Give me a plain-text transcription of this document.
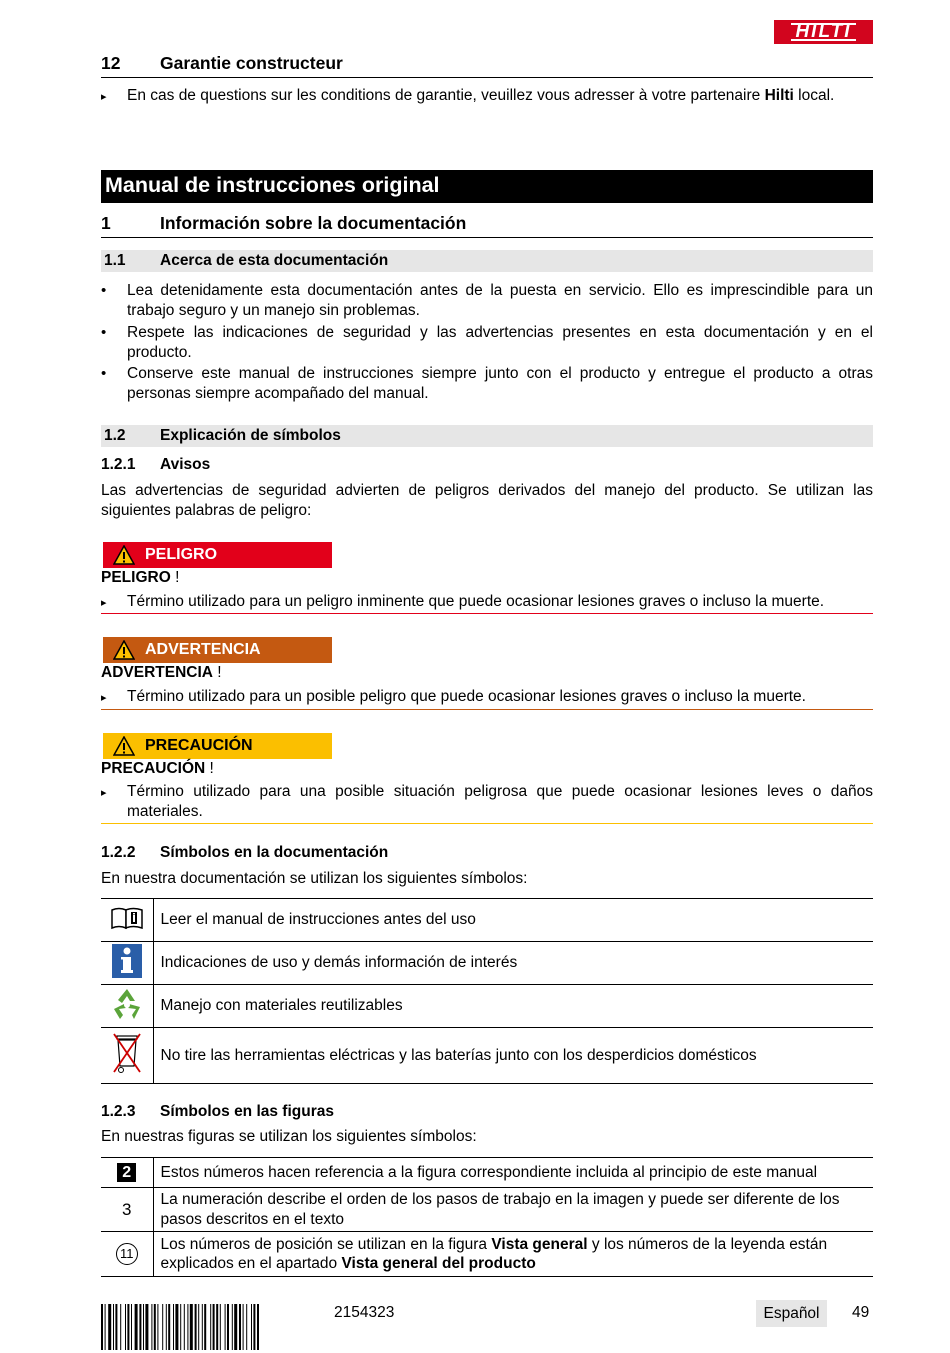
HILTI
12 Garantie constructeur
▸	En cas de questions sur les conditions de garantie, veuillez vous adresser à votre partenaire Hilti local.
Manual de instrucciones original
1	Información sobre la documentación
1.1 Acerca de esta documentación
•	Lea detenidamente esta documentación antes de la puesta en servicio. Ello es imprescindible para un trabajo seguro y un manejo sin problemas.
•	Respete las indicaciones de seguridad y las advertencias presentes en esta documentación y en el producto.
•	Conserve este manual de instrucciones siempre junto con el producto y entregue el producto a otras personas siempre acompañado del manual.
1.2 Explicación de símbolos
1.2.1 Avisos
Las advertencias de seguridad advierten de peligros derivados del manejo del producto. Se utilizan las siguientes palabras de peligro:
PELIGRO
PELIGRO !
▸	Término utilizado para un peligro inminente que puede ocasionar lesiones graves o incluso la muerte.
ADVERTENCIA
ADVERTENCIA !
▸	Término utilizado para un posible peligro que puede ocasionar lesiones graves o incluso la muerte.
PRECAUCIÓN
PRECAUCIÓN !
▸	Término utilizado para una posible situación peligrosa que puede ocasionar lesiones leves o daños materiales.
1.2.2 Símbolos en la documentación
En nuestra documentación se utilizan los siguientes símbolos:
	Leer el manual de instrucciones antes del uso
	Indicaciones de uso y demás información de interés
	Manejo con materiales reutilizables
	No tire las herramientas eléctricas y las baterías junto con los desperdicios domésticos
1.2.3 Símbolos en las figuras
En nuestras figuras se utilizan los siguientes símbolos:
2	Estos números hacen referencia a la figura correspondiente incluida al principio de este manual
3	La numeración describe el orden de los pasos de trabajo en la imagen y puede ser diferente de los pasos descritos en el texto
11	Los números de posición se utilizan en la figura Vista general y los números de la leyenda están explicados en el apartado Vista general del producto
2154323	Español	49
